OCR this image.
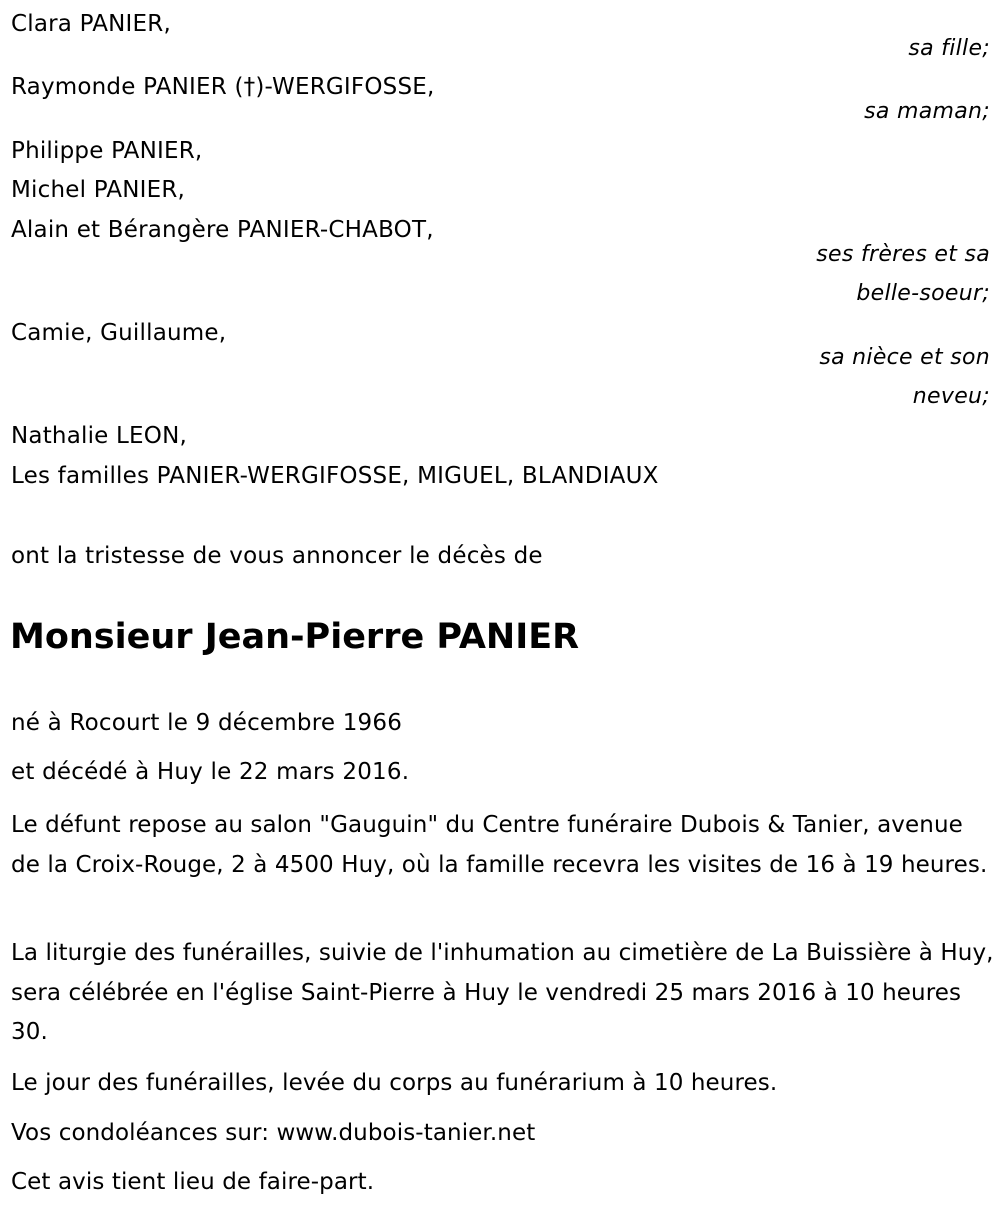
Clara PANIER,
sa fille;
Raymonde PANIER (†)-WERGIFOSSE,
sa maman;
Philippe PANIER,
Michel PANIER,
Alain et Bérangère PANIER-CHABOT,
ses frères et sa
belle-soeur;
Camie, Guillaume,
sa nièce et son
neveu;
Nathalie LEON,
Les familles PANIER-WERGIFOSSE, MIGUEL, BLANDIAUX
ont la tristesse de vous annoncer le décès de
Monsieur Jean-Pierre PANIER
né à Rocourt le 9 décembre 1966
et décédé à Huy le 22 mars 2016.
Le défunt repose au salon "Gauguin" du Centre funéraire Dubois & Tanier, avenue de la Croix-Rouge, 2 à 4500 Huy, où la famille recevra les visites de 16 à 19 heures.
La liturgie des funérailles, suivie de l'inhumation au cimetière de La Buissière à Huy, sera célébrée en l'église Saint-Pierre à Huy le vendredi 25 mars 2016 à 10 heures 30.
Le jour des funérailles, levée du corps au funérarium à 10 heures.
Vos condoléances sur: www.dubois-tanier.net
Cet avis tient lieu de faire-part.
